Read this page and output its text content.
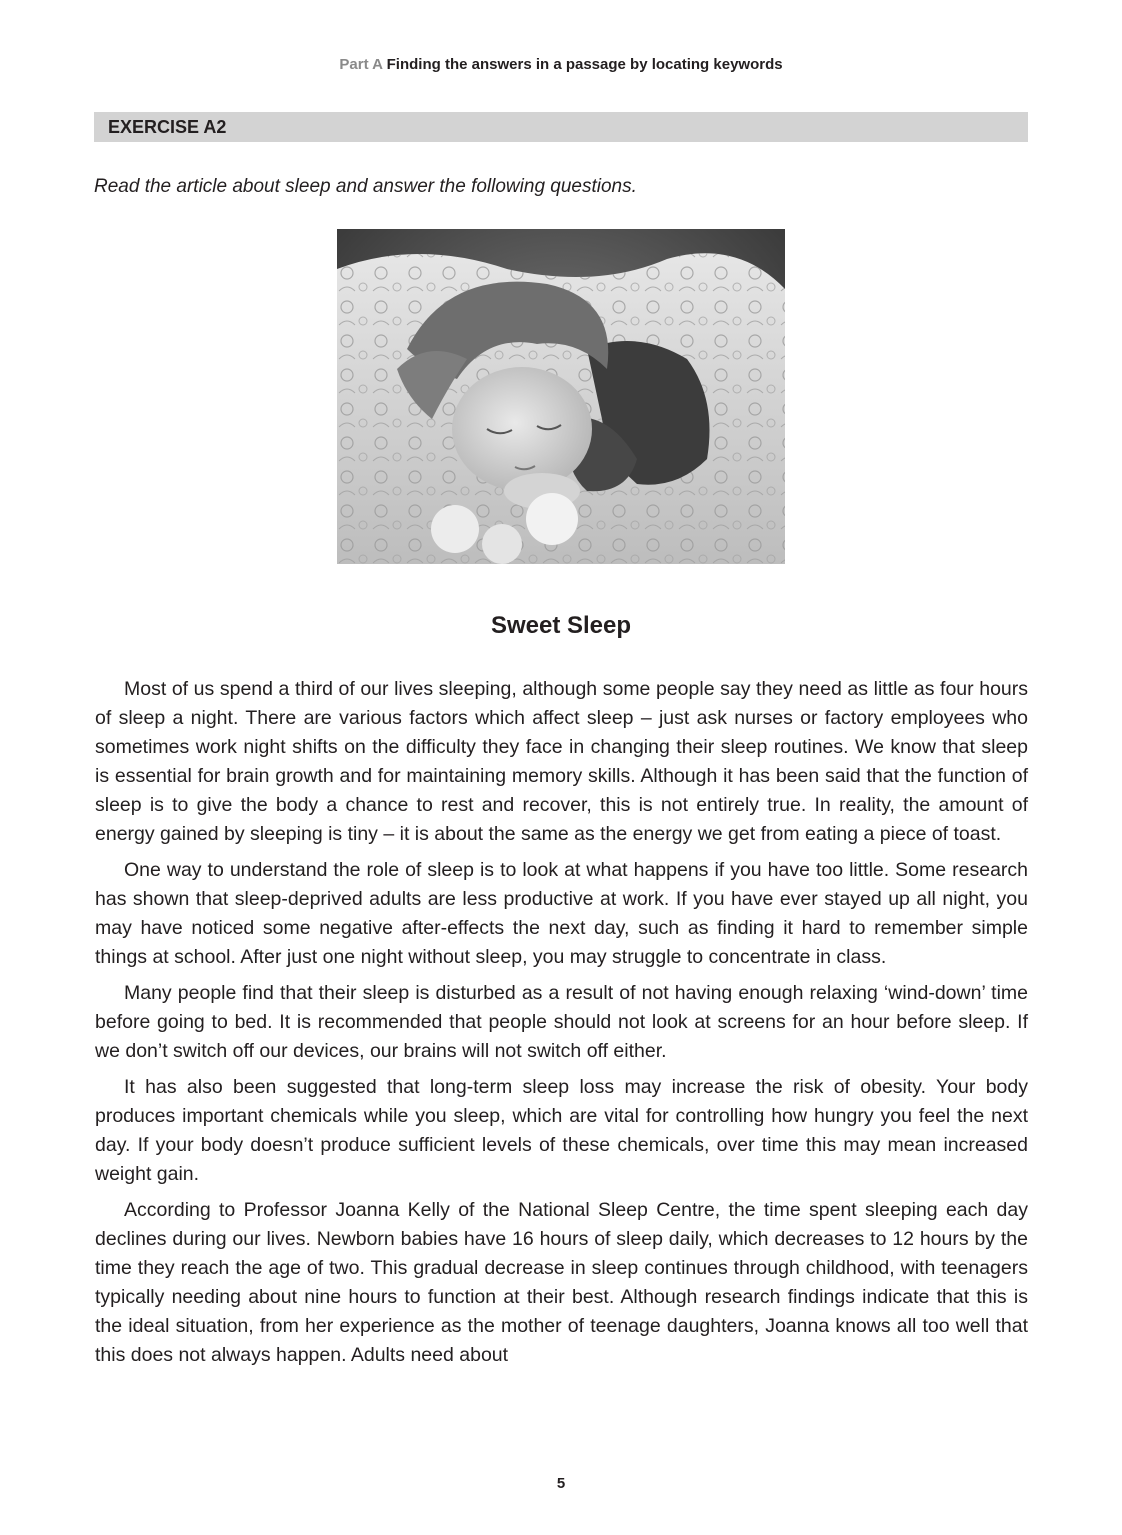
Part A Finding the answers in a passage by locating keywords
EXERCISE A2
Read the article about sleep and answer the following questions.
Sweet Sleep

Most of us spend a third of our lives sleeping, although some people say they need as little as four hours of sleep a night. There are various factors which affect sleep – just ask nurses or factory employees who sometimes work night shifts on the difficulty they face in changing their sleep routines. We know that sleep is essential for brain growth and for maintaining memory skills. Although it has been said that the function of sleep is to give the body a chance to rest and recover, this is not entirely true. In reality, the amount of energy gained by sleeping is tiny – it is about the same as the energy we get from eating a piece of toast.

One way to understand the role of sleep is to look at what happens if you have too little. Some research has shown that sleep-deprived adults are less productive at work. If you have ever stayed up all night, you may have noticed some negative after-effects the next day, such as finding it hard to remember simple things at school. After just one night without sleep, you may struggle to concentrate in class.

Many people find that their sleep is disturbed as a result of not having enough relaxing ‘wind-down’ time before going to bed. It is recommended that people should not look at screens for an hour before sleep. If we don’t switch off our devices, our brains will not switch off either.

It has also been suggested that long-term sleep loss may increase the risk of obesity. Your body produces important chemicals while you sleep, which are vital for controlling how hungry you feel the next day. If your body doesn’t produce sufficient levels of these chemicals, over time this may mean increased weight gain.

According to Professor Joanna Kelly of the National Sleep Centre, the time spent sleeping each day declines during our lives. Newborn babies have 16 hours of sleep daily, which decreases to 12 hours by the time they reach the age of two. This gradual decrease in sleep continues through childhood, with teenagers typically needing about nine hours to function at their best. Although research findings indicate that this is the ideal situation, from her experience as the mother of teenage daughters, Joanna knows all too well that this does not always happen. Adults need about

5
